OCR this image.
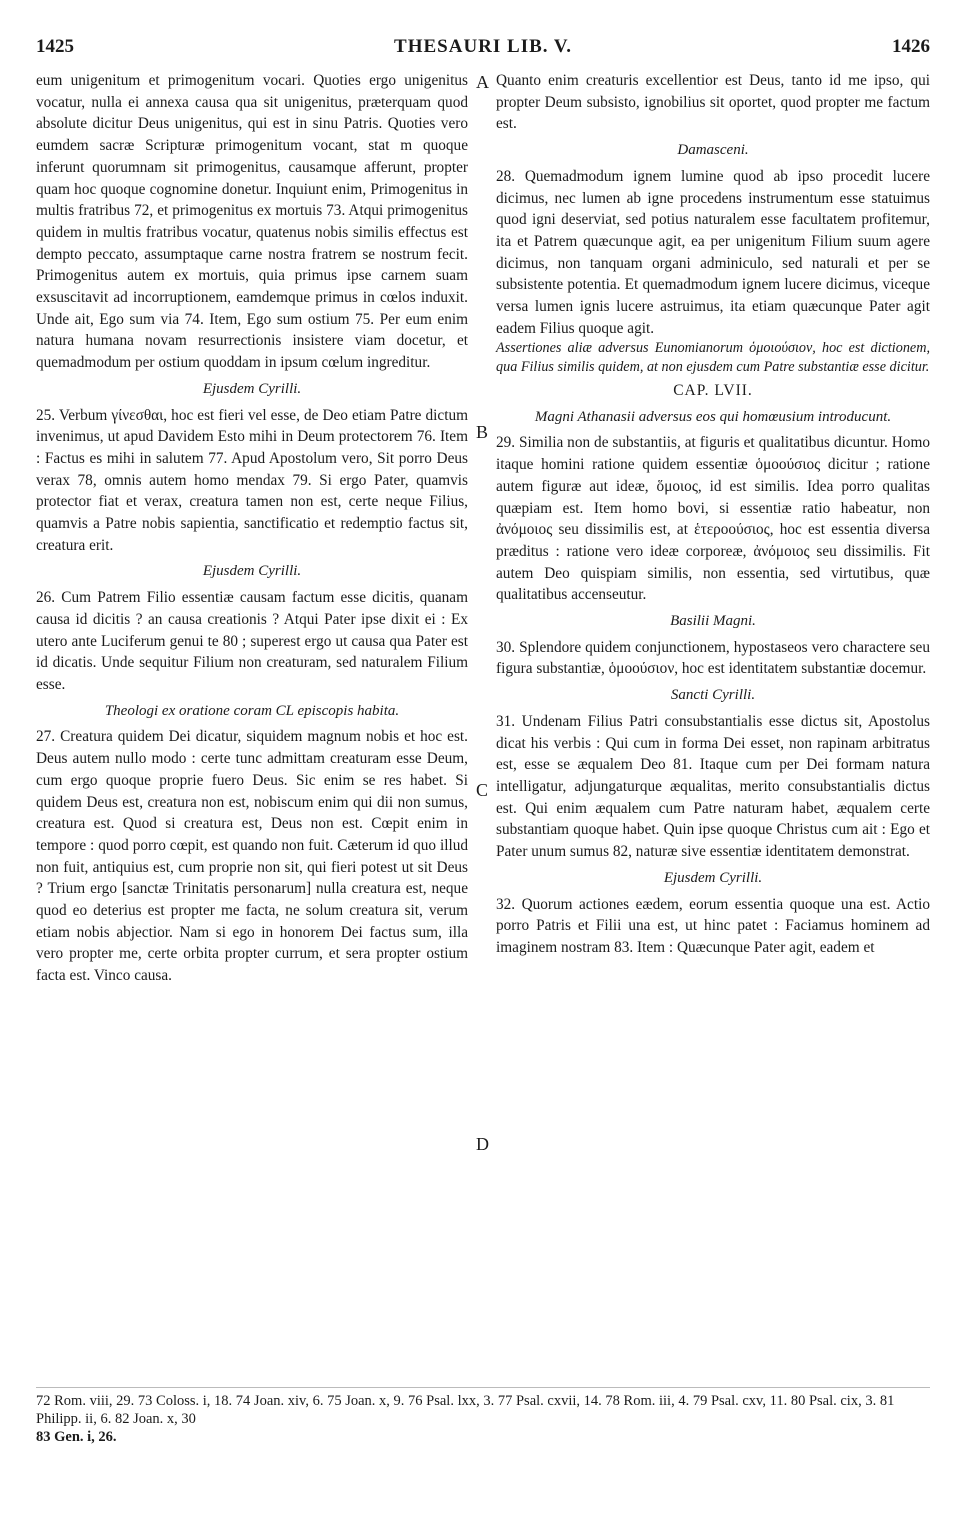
1425	THESAURI LIB. V.	1426
A
B
C
D

eum unigenitum et primogenitum vocari. Quoties ergo unigenitus vocatur, nulla ei annexa causa qua sit unigenitus, præterquam quod absolute dicitur Deus unigenitus, qui est in sinu Patris. Quoties vero eumdem sacræ Scripturæ primogenitum vocant, stat m quoque inferunt quorumnam sit primogenitus, causamque afferunt, propter quam hoc quoque cognomine donetur. Inquiunt enim, Primogenitus in multis fratribus 72, et primogenitus ex mortuis 73. Atqui primogenitus quidem in multis fratribus vocatur, quatenus nobis similis effectus est dempto peccato, assumptaque carne nostra fratrem se nostrum fecit. Primogenitus autem ex mortuis, quia primus ipse carnem suam exsuscitavit ad incorruptionem, eamdemque primus in cœlos induxit. Unde ait, Ego sum via 74. Item, Ego sum ostium 75. Per eum enim natura humana novam resurrectionis insistere viam docetur, et quemadmodum per ostium quoddam in ipsum cœlum ingreditur.

Ejusdem Cyrilli.

25. Verbum γίνεσθαι, hoc est fieri vel esse, de Deo etiam Patre dictum invenimus, ut apud Davidem Esto mihi in Deum protectorem 76. Item : Factus es mihi in salutem 77. Apud Apostolum vero, Sit porro Deus verax 78, omnis autem homo mendax 79. Si ergo Pater, quamvis protector fiat et verax, creatura tamen non est, certe neque Filius, quamvis a Patre nobis sapientia, sanctificatio et redemptio factus sit, creatura erit.

Ejusdem Cyrilli.

26. Cum Patrem Filio essentiæ causam factum esse dicitis, quanam causa id dicitis ? an causa creationis ? Atqui Pater ipse dixit ei : Ex utero ante Luciferum genui te 80 ; superest ergo ut causa qua Pater est id dicatis. Unde sequitur Filium non creaturam, sed naturalem Filium esse.

Theologi ex oratione coram CL episcopis habita.

27. Creatura quidem Dei dicatur, siquidem magnum nobis et hoc est. Deus autem nullo modo : certe tunc admittam creaturam esse Deum, cum ergo quoque proprie fuero Deus. Sic enim se res habet. Si quidem Deus est, creatura non est, nobiscum enim qui dii non sumus, creatura est. Quod si creatura est, Deus non est. Cœpit enim in tempore : quod porro cœpit, est quando non fuit. Cæterum id quo illud non fuit, antiquius est, cum proprie non sit, qui fieri potest ut sit Deus ? Trium ergo [sanctæ Trinitatis personarum] nulla creatura est, neque quod eo deterius est propter me facta, ne solum creatura sit, verum etiam nobis abjectior. Nam si ego in honorem Dei factus sum, illa vero propter me, certe orbita propter currum, et sera propter ostium facta est. Vinco causa.

Quanto enim creaturis excellentior est Deus, tanto id me ipso, qui propter Deum subsisto, ignobilius sit oportet, quod propter me factum est.

Damasceni.

28. Quemadmodum ignem lumine quod ab ipso procedit lucere dicimus, nec lumen ab igne procedens instrumentum esse statuimus quod igni deserviat, sed potius naturalem esse facultatem profitemur, ita et Patrem quæcunque agit, ea per unigenitum Filium suum agere dicimus, non tanquam organi adminiculo, sed naturali et per se subsistente potentia. Et quemadmodum ignem lucere dicimus, viceque versa lumen ignis lucere astruimus, ita etiam quæcunque Pater agit eadem Filius quoque agit.

Assertiones aliæ adversus Eunomianorum ὁμοιούσιον, hoc est dictionem, qua Filius similis quidem, at non ejusdem cum Patre substantiæ esse dicitur.

CAP. LVII.
Magni Athanasii adversus eos qui homœusium introducunt.

29. Similia non de substantiis, at figuris et qualitatibus dicuntur. Homo itaque homini ratione quidem essentiæ ὁμοούσιος dicitur ; ratione autem figuræ aut ideæ, ὅμοιος, id est similis. Idea porro qualitas quæpiam est. Item homo bovi, si essentiæ ratio habeatur, non ἀνόμοιος seu dissimilis est, at ἑτεροούσιος, hoc est essentia diversa præditus : ratione vero ideæ corporeæ, ἀνόμοιος seu dissimilis. Fit autem Deo quispiam similis, non essentia, sed virtutibus, quæ qualitatibus accenseutur.

Basilii Magni.

30. Splendore quidem conjunctionem, hypostaseos vero charactere seu figura substantiæ, ὁμοούσιον, hoc est identitatem substantiæ docemur.

Sancti Cyrilli.

31. Undenam Filius Patri consubstantialis esse dictus sit, Apostolus dicat his verbis : Qui cum in forma Dei esset, non rapinam arbitratus est, esse se æqualem Deo 81. Itaque cum per Dei formam natura intelligatur, adjungaturque æqualitas, merito consubstantialis dictus est. Qui enim æqualem cum Patre naturam habet, æqualem certe substantiam quoque habet. Quin ipse quoque Christus cum ait : Ego et Pater unum sumus 82, naturæ sive essentiæ identitatem demonstrat.

Ejusdem Cyrilli.

32. Quorum actiones eædem, eorum essentia quoque una est. Actio porro Patris et Filii una est, ut hinc patet : Faciamus hominem ad imaginem nostram 83. Item : Quæcunque Pater agit, eadem et

72 Rom. viii, 29. 73 Coloss. i, 18. 74 Joan. xiv, 6. 75 Joan. x, 9. 76 Psal. lxx, 3. 77 Psal. cxvii, 14. 78 Rom. iii, 4. 79 Psal. cxv, 11. 80 Psal. cix, 3. 81 Philipp. ii, 6. 82 Joan. x, 30

83 Gen. i, 26.
